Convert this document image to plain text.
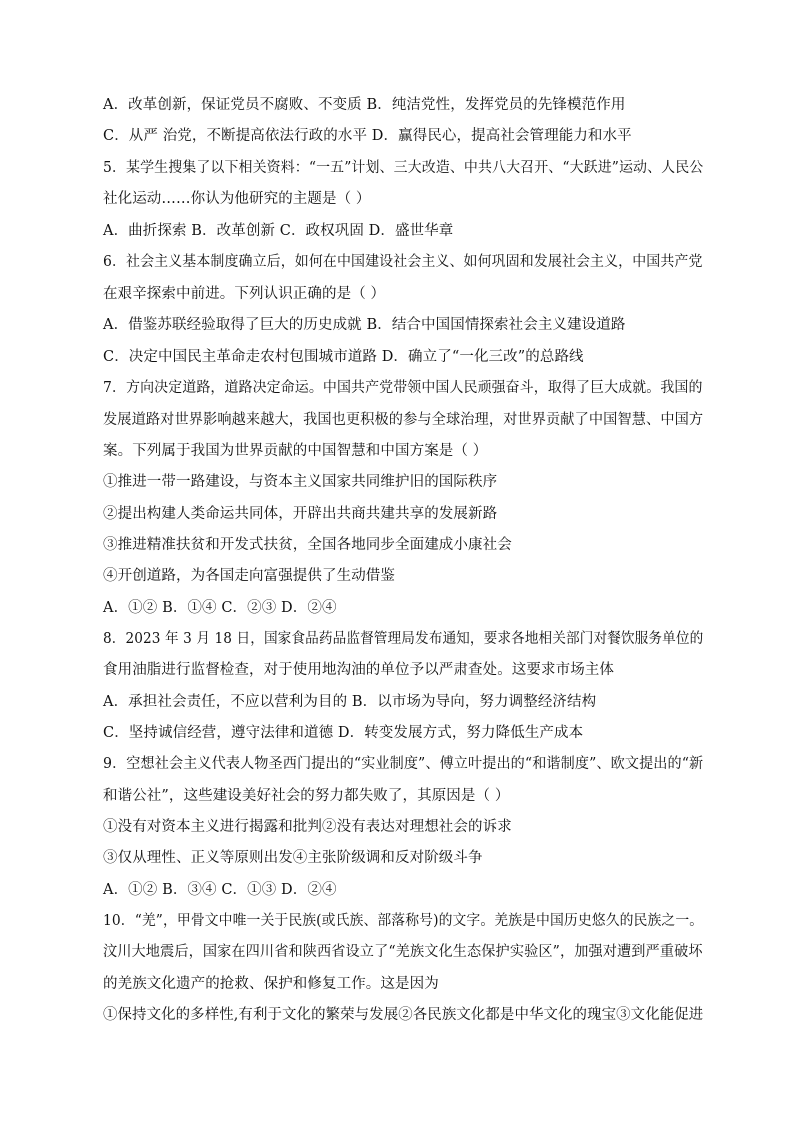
A．改革创新，保证党员不腐败、不变质 B．纯洁党性，发挥党员的先锋模范作用
C．从严 治党，不断提高依法行政的水平 D．赢得民心，提高社会管理能力和水平
5．某学生搜集了以下相关资料：“一五”计划、三大改造、中共八大召开、“大跃进”运动、人民公
社化运动……你认为他研究的主题是（ ）
A．曲折探索 B．改革创新 C．政权巩固 D．盛世华章
6．社会主义基本制度确立后，如何在中国建设社会主义、如何巩固和发展社会主义，中国共产党
在艰辛探索中前进。下列认识正确的是（ ）
A．借鉴苏联经验取得了巨大的历史成就 B．结合中国国情探索社会主义建设道路
C．决定中国民主革命走农村包围城市道路 D．确立了“一化三改”的总路线
7．方向决定道路，道路决定命运。中国共产党带领中国人民顽强奋斗，取得了巨大成就。我国的
发展道路对世界影响越来越大，我国也更积极的参与全球治理，对世界贡献了中国智慧、中国方
案。下列属于我国为世界贡献的中国智慧和中国方案是（ ）
①推进一带一路建设，与资本主义国家共同维护旧的国际秩序
②提出构建人类命运共同体，开辟出共商共建共享的发展新路
③推进精准扶贫和开发式扶贫，全国各地同步全面建成小康社会
④开创道路，为各国走向富强提供了生动借鉴
A．①② B．①④ C．②③ D．②④
8．2023 年 3 月 18 日，国家食品药品监督管理局发布通知，要求各地相关部门对餐饮服务单位的
食用油脂进行监督检查，对于使用地沟油的单位予以严肃查处。这要求市场主体
A．承担社会责任，不应以营利为目的 B．以市场为导向，努力调整经济结构
C．坚持诚信经营，遵守法律和道德 D．转变发展方式，努力降低生产成本
9．空想社会主义代表人物圣西门提出的“实业制度”、傅立叶提出的“和谐制度”、欧文提出的“新
和谐公社”，这些建设美好社会的努力都失败了，其原因是（ ）
①没有对资本主义进行揭露和批判②没有表达对理想社会的诉求
③仅从理性、正义等原则出发④主张阶级调和反对阶级斗争
A．①② B．③④ C．①③ D．②④
10．“羌”，甲骨文中唯一关于民族(或氏族、部落称号)的文字。羌族是中国历史悠久的民族之一。
汶川大地震后，国家在四川省和陕西省设立了“羌族文化生态保护实验区”，加强对遭到严重破坏
的羌族文化遗产的抢救、保护和修复工作。这是因为
①保持文化的多样性,有利于文化的繁荣与发展②各民族文化都是中华文化的瑰宝③文化能促进
